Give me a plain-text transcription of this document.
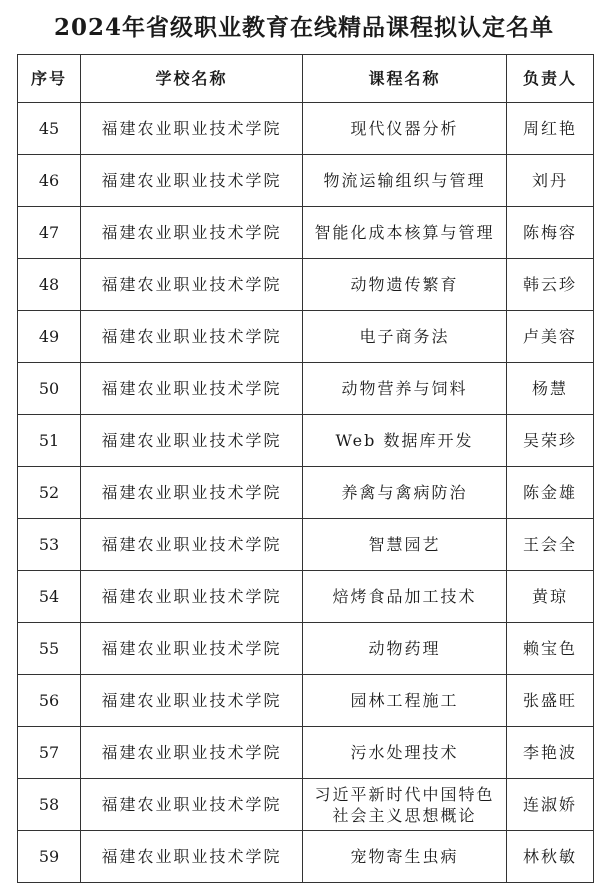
2024年省级职业教育在线精品课程拟认定名单
序号	学校名称	课程名称	负责人
45	福建农业职业技术学院	现代仪器分析	周红艳
46	福建农业职业技术学院	物流运输组织与管理	刘丹
47	福建农业职业技术学院	智能化成本核算与管理	陈梅容
48	福建农业职业技术学院	动物遗传繁育	韩云珍
49	福建农业职业技术学院	电子商务法	卢美容
50	福建农业职业技术学院	动物营养与饲料	杨慧
51	福建农业职业技术学院	Web 数据库开发	吴荣珍
52	福建农业职业技术学院	养禽与禽病防治	陈金雄
53	福建农业职业技术学院	智慧园艺	王会全
54	福建农业职业技术学院	焙烤食品加工技术	黄琼
55	福建农业职业技术学院	动物药理	赖宝色
56	福建农业职业技术学院	园林工程施工	张盛旺
57	福建农业职业技术学院	污水处理技术	李艳波
58	福建农业职业技术学院	习近平新时代中国特色社会主义思想概论	连淑娇
59	福建农业职业技术学院	宠物寄生虫病	林秋敏
